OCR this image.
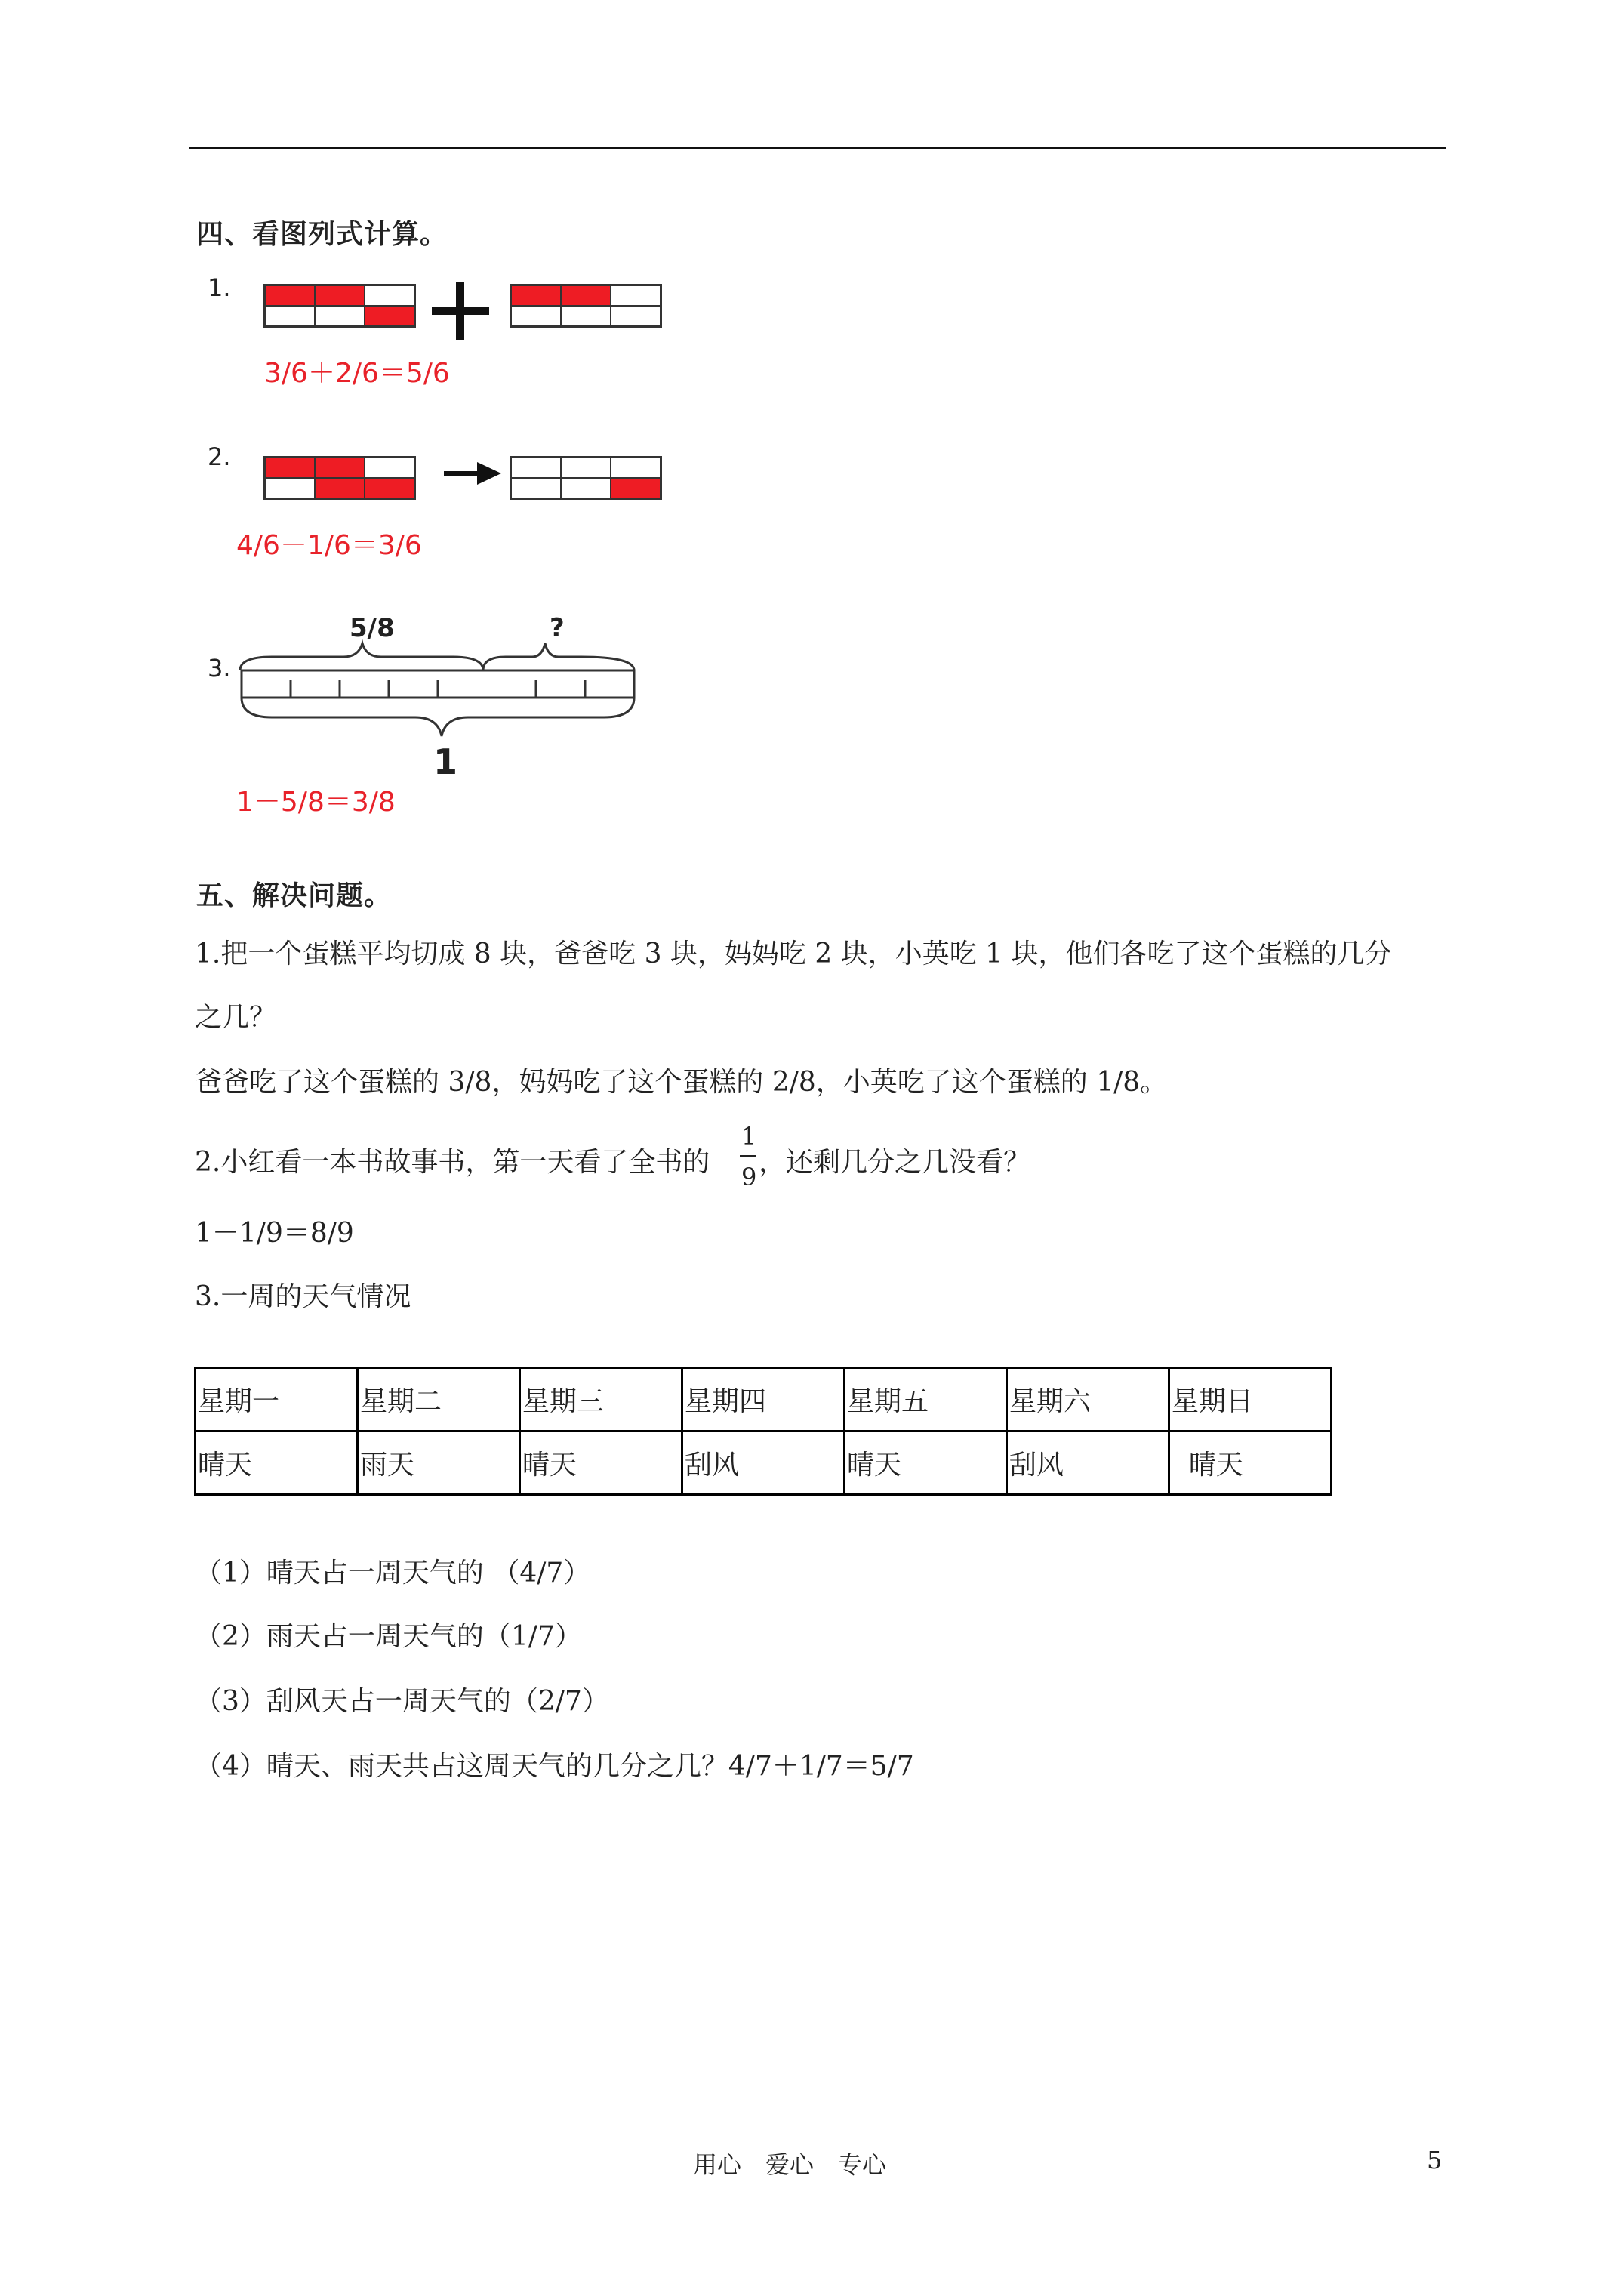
四、看图列式计算。
1.
3/6＋2/6＝5/6
2.
4/6－1/6＝3/6
3.
5/8	?
1
1－5/8＝3/8
五、解决问题。
1.把一个蛋糕平均切成 8 块，爸爸吃 3 块，妈妈吃 2 块，小英吃 1 块，他们各吃了这个蛋糕的几分
之几？
爸爸吃了这个蛋糕的 3/8，妈妈吃了这个蛋糕的 2/8，小英吃了这个蛋糕的 1/8。
2.小红看一本书故事书，第一天看了全书的
1
9 ，还剩几分之几没看？
1－1/9＝8/9
3.一周的天气情况
星期一	星期二	星期三	星期四	星期五	星期六	星期日
晴天	雨天	晴天	刮风	晴天	刮风	晴天
（1）晴天占一周天气的 （4/7）
（2）雨天占一周天气的（1/7）
（3）刮风天占一周天气的（2/7）
（4）晴天、雨天共占这周天气的几分之几？4/7＋1/7＝5/7
用心　爱心　专心	5
